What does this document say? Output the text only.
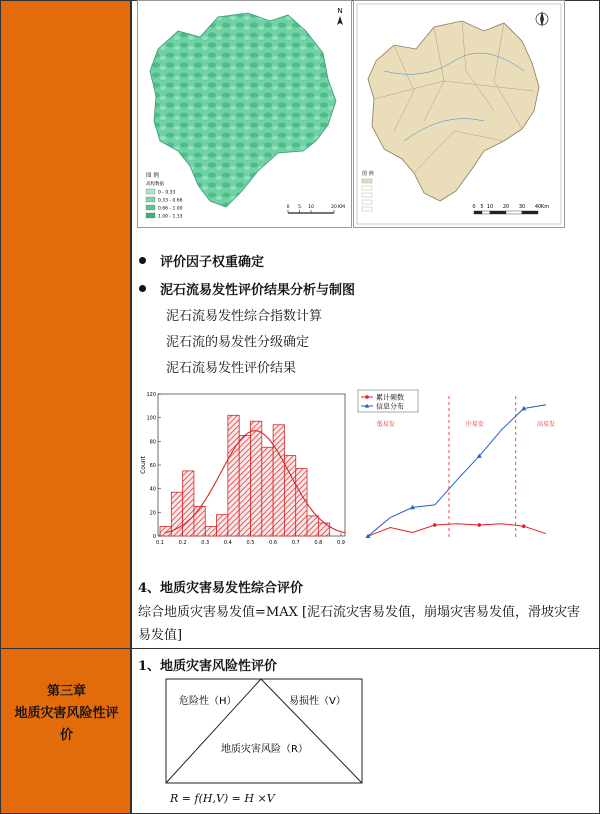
第三章
地质灾害风险性评
价
N
图 例
高程数据
0 - 0.33
0.33 - 0.66
0.66 - 1.00
1.00 - 1.33
0 5 10	20 KM
图 例
0 5 10 20 30 40 Km
评价因子权重确定
泥石流易发性评价结果分析与制图
泥石流易发性综合指数计算
泥石流的易发性分级确定
泥石流易发性评价结果
0
20
40
60
80
100
120
0.1	0.2	0.3	0.4	0.5	0.6	0.7	0.8	0.9
Count
低易发	中易发	高易发
累计频数
信息分布
4、地质灾害易发性综合评价
综合地质灾害易发值=MAX [泥石流灾害易发值，崩塌灾害易发值，滑坡灾害易发值]
1、地质灾害风险性评价
危险性（H）	易损性（V）
地质灾害风险（R）
R = f(H,V) = H ×V
